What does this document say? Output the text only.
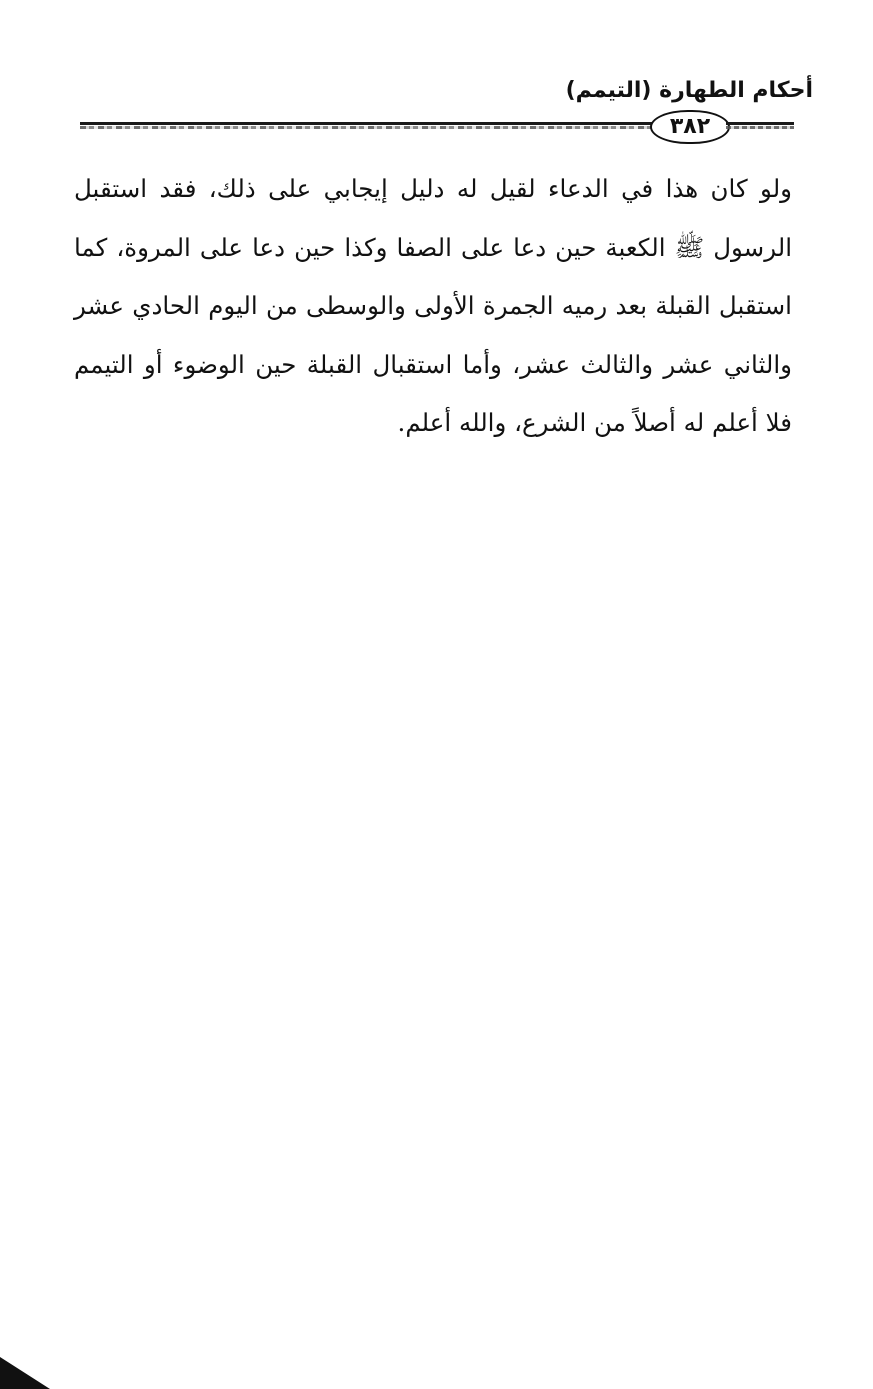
أحكام الطهارة (التيمم)
٣٨٢

ولو كان هذا في الدعاء لقيل له دليل إيجابي على ذلك، فقد استقبل الرسول ﷺ الكعبة حين دعا على الصفا وكذا حين دعا على المروة، كما استقبل القبلة بعد رميه الجمرة الأولى والوسطى من اليوم الحادي عشر والثاني عشر والثالث عشر، وأما استقبال القبلة حين الوضوء أو التيمم فلا أعلم له أصلاً من الشرع، والله أعلم.
